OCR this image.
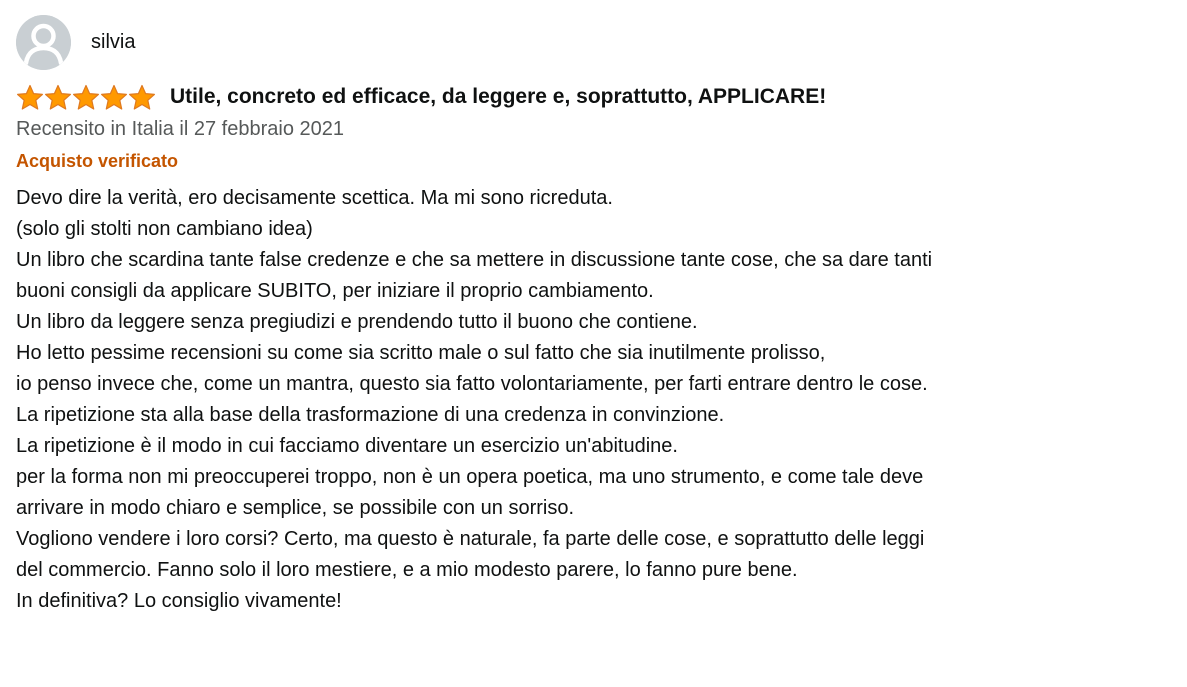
silvia
Utile, concreto ed efficace, da leggere e, soprattutto, APPLICARE!
Recensito in Italia il 27 febbraio 2021
Acquisto verificato
Devo dire la verità, ero decisamente scettica. Ma mi sono ricreduta.
(solo gli stolti non cambiano idea)
Un libro che scardina tante false credenze e che sa mettere in discussione tante cose, che sa dare tanti
buoni consigli da applicare SUBITO, per iniziare il proprio cambiamento.
Un libro da leggere senza pregiudizi e prendendo tutto il buono che contiene.
Ho letto pessime recensioni su come sia scritto male o sul fatto che sia inutilmente prolisso,
io penso invece che, come un mantra, questo sia fatto volontariamente, per farti entrare dentro le cose.
La ripetizione sta alla base della trasformazione di una credenza in convinzione.
La ripetizione è il modo in cui facciamo diventare un esercizio un'abitudine.
per la forma non mi preoccuperei troppo, non è un opera poetica, ma uno strumento, e come tale deve
arrivare in modo chiaro e semplice, se possibile con un sorriso.
Vogliono vendere i loro corsi? Certo, ma questo è naturale, fa parte delle cose, e soprattutto delle leggi
del commercio. Fanno solo il loro mestiere, e a mio modesto parere, lo fanno pure bene.
In definitiva? Lo consiglio vivamente!
